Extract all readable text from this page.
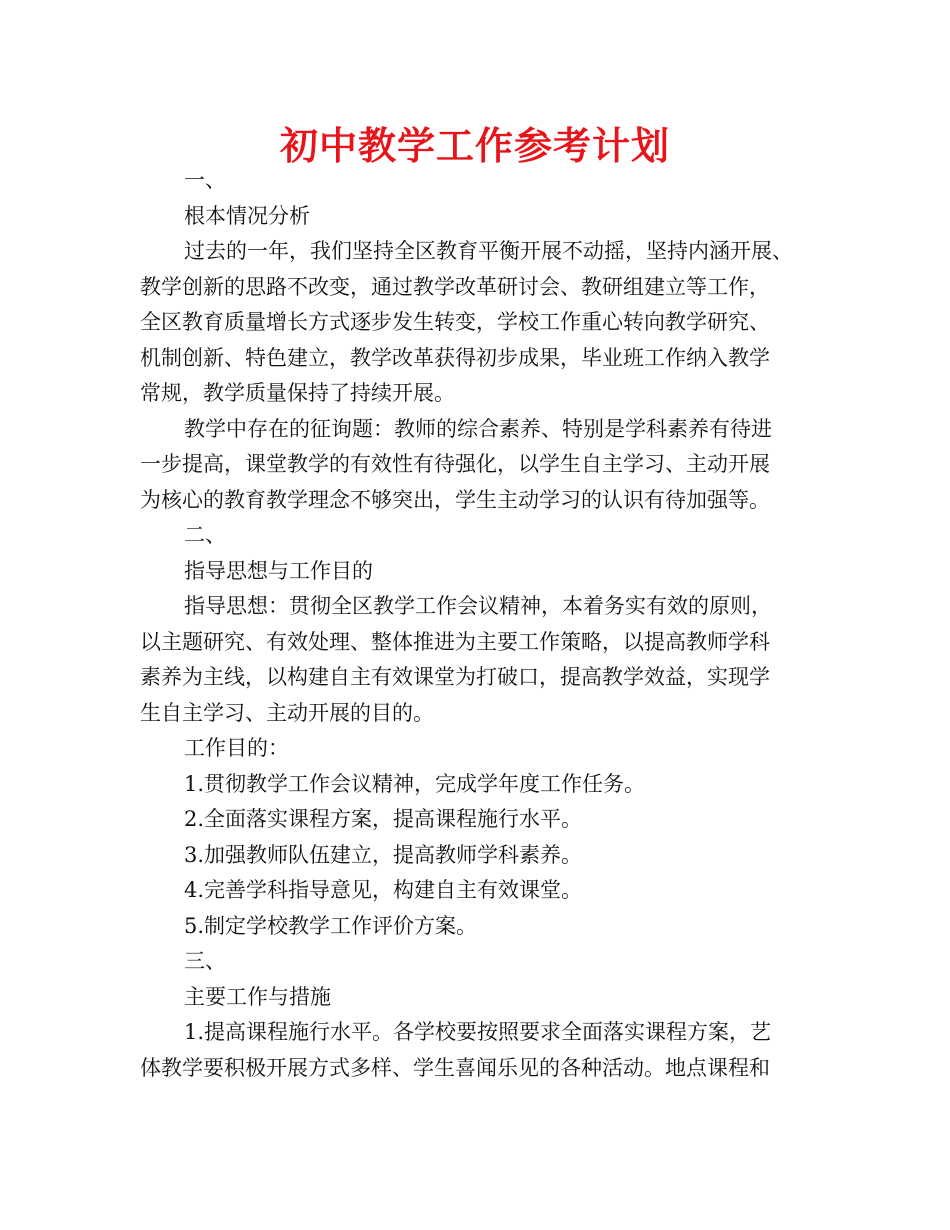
初中教学工作参考计划
一、
根本情况分析
过去的一年，我们坚持全区教育平衡开展不动摇，坚持内涵开展、
教学创新的思路不改变，通过教学改革研讨会、教研组建立等工作，
全区教育质量增长方式逐步发生转变，学校工作重心转向教学研究、
机制创新、特色建立，教学改革获得初步成果，毕业班工作纳入教学
常规，教学质量保持了持续开展。
教学中存在的征询题：教师的综合素养、特别是学科素养有待进
一步提高，课堂教学的有效性有待强化，以学生自主学习、主动开展
为核心的教育教学理念不够突出，学生主动学习的认识有待加强等。
二、
指导思想与工作目的
指导思想：贯彻全区教学工作会议精神，本着务实有效的原则，
以主题研究、有效处理、整体推进为主要工作策略，以提高教师学科
素养为主线，以构建自主有效课堂为打破口，提高教学效益，实现学
生自主学习、主动开展的目的。
工作目的：
1.贯彻教学工作会议精神，完成学年度工作任务。
2.全面落实课程方案，提高课程施行水平。
3.加强教师队伍建立，提高教师学科素养。
4.完善学科指导意见，构建自主有效课堂。
5.制定学校教学工作评价方案。
三、
主要工作与措施
1.提高课程施行水平。各学校要按照要求全面落实课程方案，艺
体教学要积极开展方式多样、学生喜闻乐见的各种活动。地点课程和
